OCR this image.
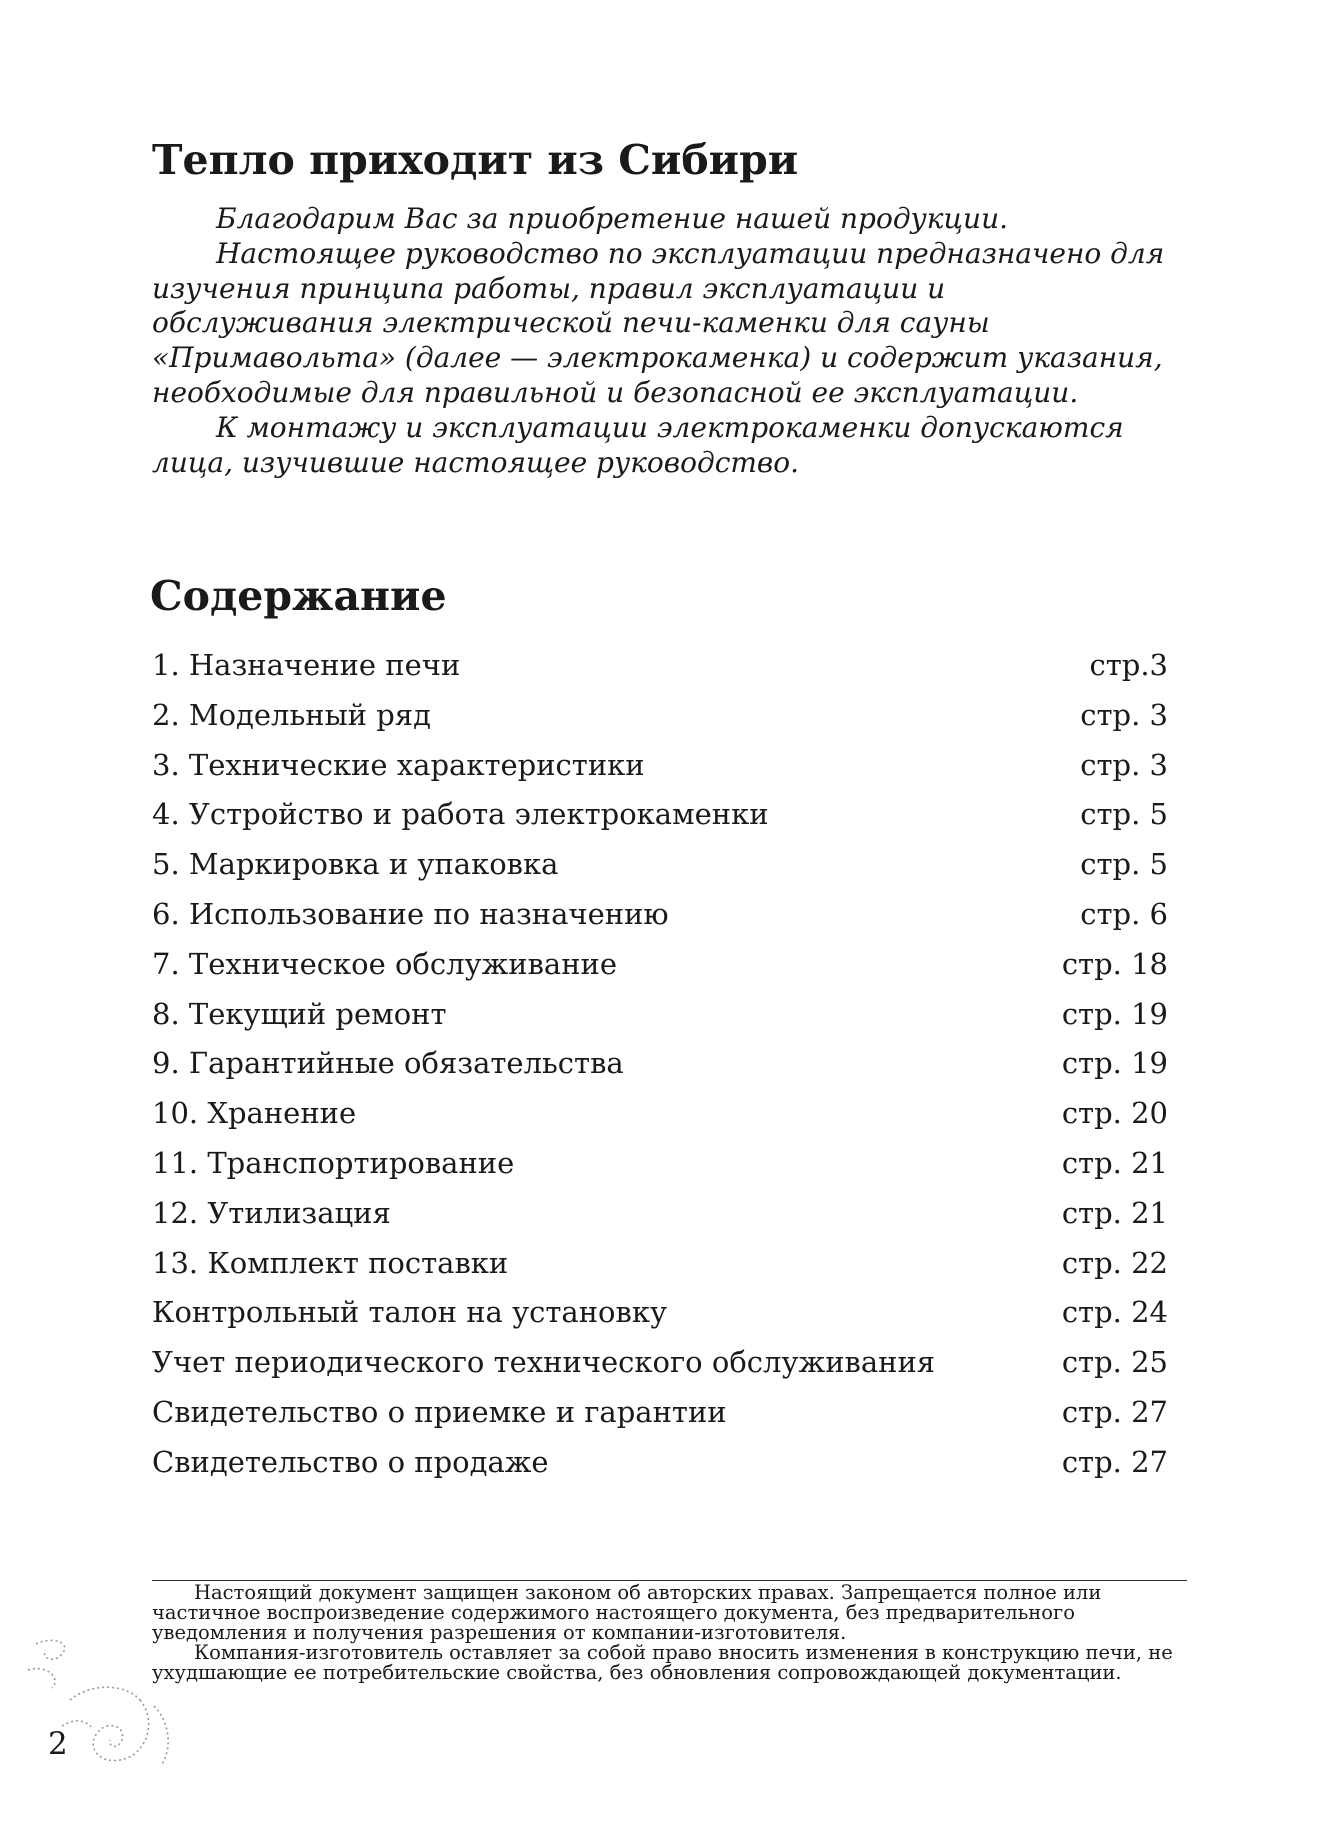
Тепло приходит из Сибири

Благодарим Вас за приобретение нашей продукции.

Настоящее руководство по эксплуатации предназначено для изучения принципа работы, правил эксплуатации и обслуживания электрической печи-каменки для сауны «Примавольта» (далее — электрокаменка) и содержит указания, необходимые для правильной и безопасной ее эксплуатации.

К монтажу и эксплуатации электрокаменки допускаются лица, изучившие настоящее руководство.

Содержание
1. Назначение печи	стр.3
2. Модельный ряд	стр. 3
3. Технические характеристики	стр. 3
4. Устройство и работа электрокаменки	стр. 5
5. Маркировка и упаковка	стр. 5
6. Использование по назначению	стр. 6
7. Техническое обслуживание	стр. 18
8. Текущий ремонт	стр. 19
9. Гарантийные обязательства	стр. 19
10. Хранение	стр. 20
11. Транспортирование	стр. 21
12. Утилизация	стр. 21
13. Комплект поставки	стр. 22
Контрольный талон на установку	стр. 24
Учет периодического технического обслуживания	стр. 25
Свидетельство о приемке и гарантии	стр. 27
Свидетельство о продаже	стр. 27

Настоящий документ защищен законом об авторских правах. Запрещается полное или частичное воспроизведение содержимого настоящего документа, без предварительного уведомления и получения разрешения от компании-изготовителя.

Компания-изготовитель оставляет за собой право вносить изменения в конструкцию печи, не ухудшающие ее потребительские свойства, без обновления сопровождающей документации.

2
